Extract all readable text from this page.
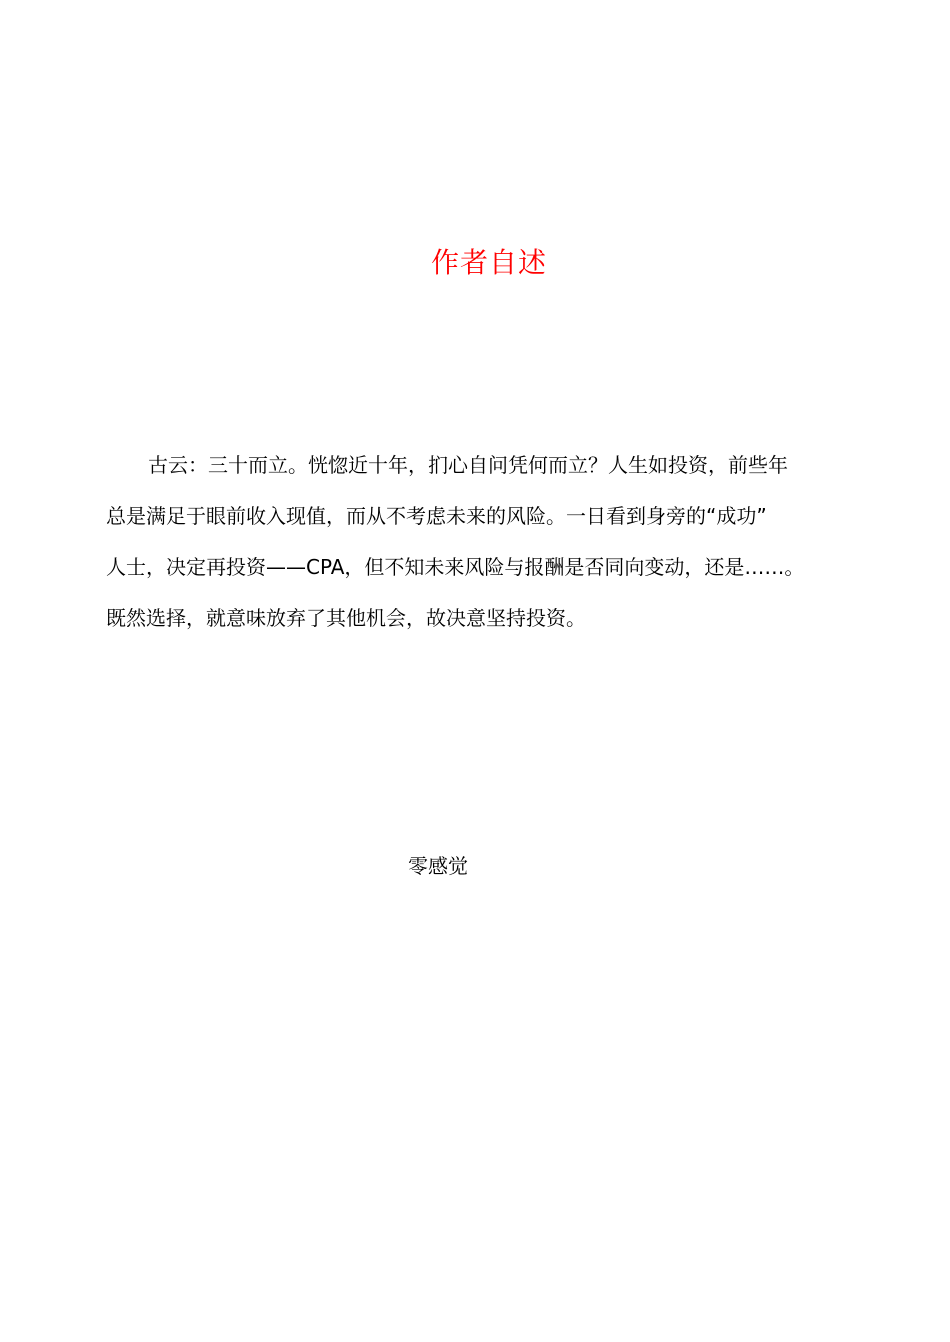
作者自述
古云：三十而立。恍惚近十年，扪心自问凭何而立？人生如投资，前些年
总是满足于眼前收入现值，而从不考虑未来的风险。一日看到身旁的“成功”
人士，决定再投资——CPA，但不知未来风险与报酬是否同向变动，还是……。
既然选择，就意味放弃了其他机会，故决意坚持投资。
零感觉
